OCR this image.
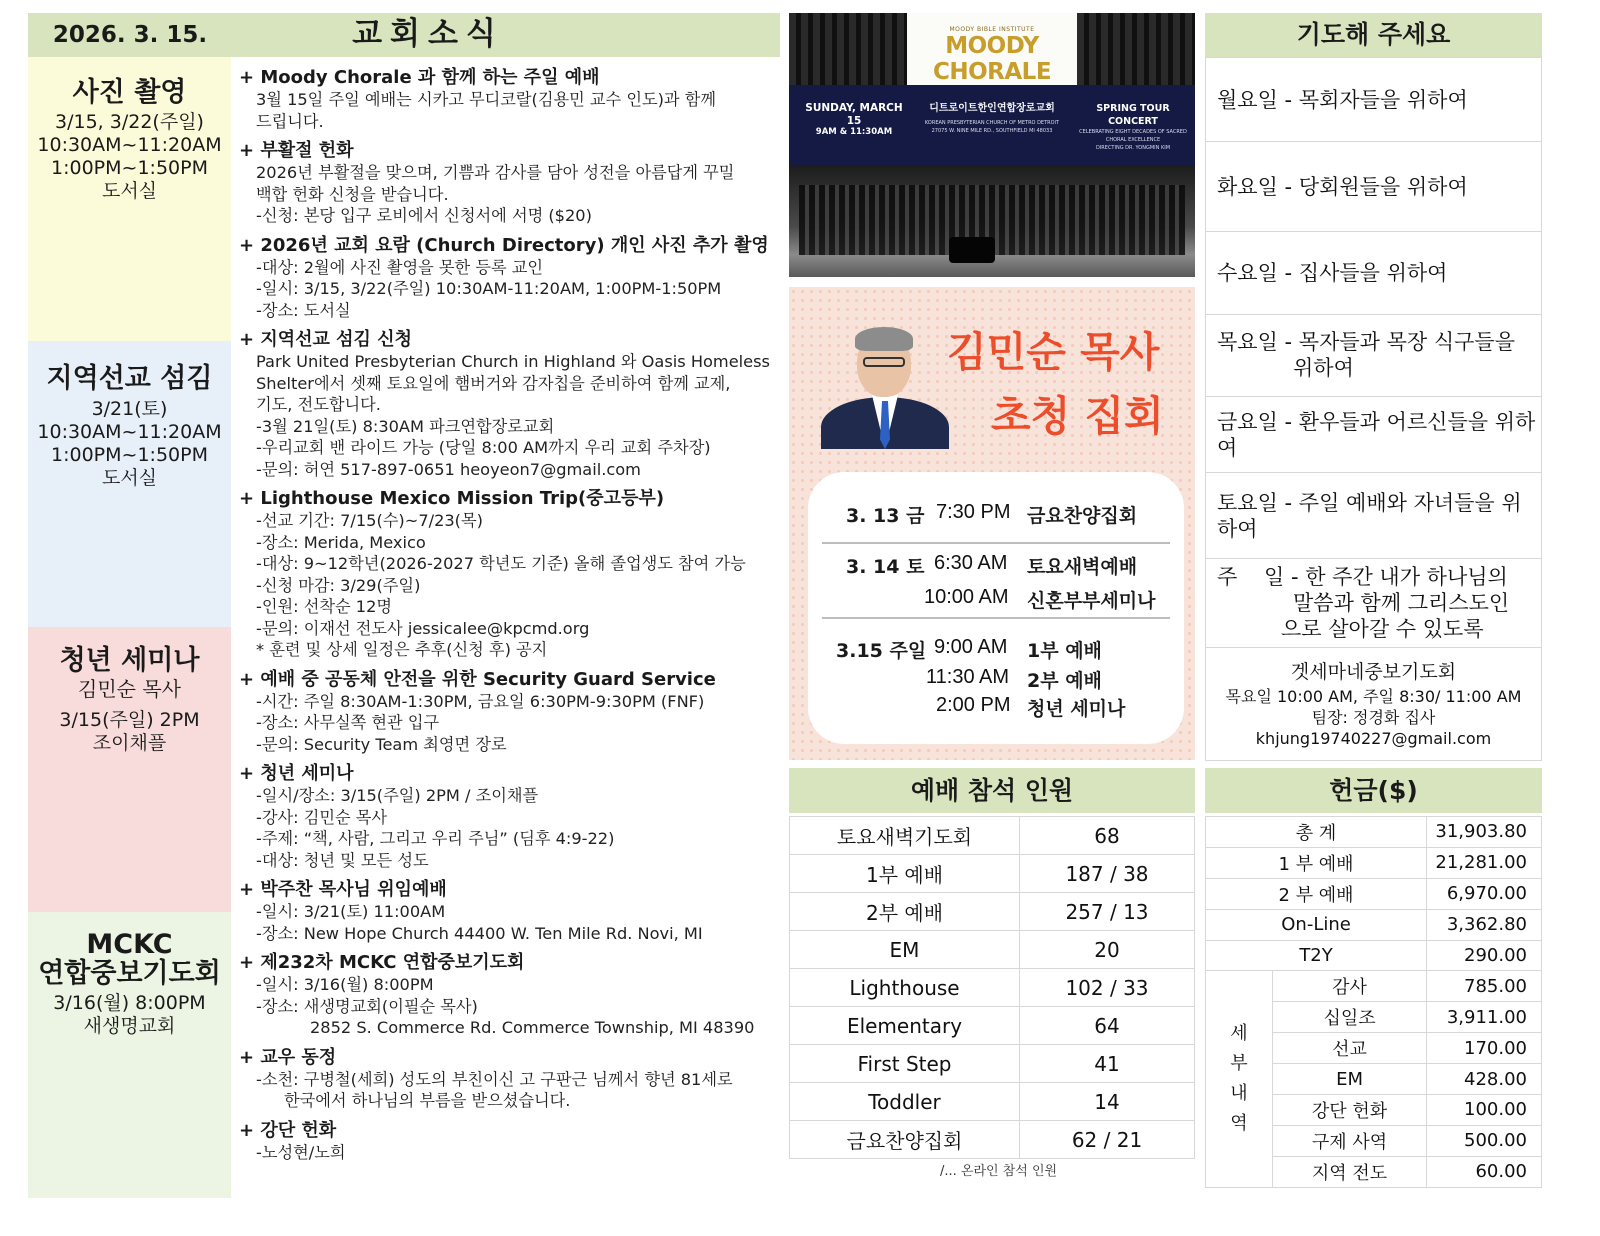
2026. 3. 15.	교회소식
사진 촬영
3/15, 3/22(주일)
10:30AM~11:20AM
1:00PM~1:50PM
도서실
지역선교 섬김
3/21(토)
10:30AM~11:20AM
1:00PM~1:50PM
도서실
청년 세미나
김민순 목사
3/15(주일) 2PM
조이채플
MCKC
연합중보기도회
3/16(월) 8:00PM
새생명교회
+ Moody Chorale 과 함께 하는 주일 예배
3월 15일 주일 예배는 시카고 무디코랄(김용민 교수 인도)과 함께
드립니다.
+ 부활절 헌화
2026년 부활절을 맞으며, 기쁨과 감사를 담아 성전을 아름답게 꾸밀
백합 헌화 신청을 받습니다.
-신청: 본당 입구 로비에서 신청서에 서명 ($20)
+ 2026년 교회 요람 (Church Directory) 개인 사진 추가 촬영
-대상: 2월에 사진 촬영을 못한 등록 교인
-일시: 3/15, 3/22(주일) 10:30AM-11:20AM, 1:00PM-1:50PM
-장소: 도서실
+ 지역선교 섬김 신청
Park United Presbyterian Church in Highland 와 Oasis Homeless
Shelter에서 셋째 토요일에 햄버거와 감자칩을 준비하여 함께 교제,
기도, 전도합니다.
-3월 21일(토) 8:30AM 파크연합장로교회
-우리교회 밴 라이드 가능 (당일 8:00 AM까지 우리 교회 주차장)
-문의: 허연 517-897-0651 heoyeon7@gmail.com
+ Lighthouse Mexico Mission Trip(중고등부)
-선교 기간: 7/15(수)~7/23(목)
-장소: Merida, Mexico
-대상: 9~12학년(2026-2027 학년도 기준) 올해 졸업생도 참여 가능
-신청 마감: 3/29(주일)
-인원: 선착순 12명
-문의: 이재선 전도사 jessicalee@kpcmd.org
* 훈련 및 상세 일정은 추후(신청 후) 공지
+ 예배 중 공동체 안전을 위한 Security Guard Service
-시간: 주일 8:30AM-1:30PM, 금요일 6:30PM-9:30PM (FNF)
-장소: 사무실쪽 현관 입구
-문의: Security Team 최영면 장로
+ 청년 세미나
-일시/장소: 3/15(주일) 2PM / 조이채플
-강사: 김민순 목사
-주제: “책, 사람, 그리고 우리 주님” (딤후 4:9-22)
-대상: 청년 및 모든 성도
+ 박주찬 목사님 위임예배
-일시: 3/21(토) 11:00AM
-장소: New Hope Church 44400 W. Ten Mile Rd. Novi, MI
+ 제232차 MCKC 연합중보기도회
-일시: 3/16(월) 8:00PM
-장소: 새생명교회(이필순 목사)
2852 S. Commerce Rd. Commerce Township, MI 48390
+ 교우 동정
-소천: 구병철(세희) 성도의 부친이신 고 구판근 님께서 향년 81세로
한국에서 하나님의 부름을 받으셨습니다.
+ 강단 헌화
-노성현/노희
MOODY BIBLE INSTITUTE
MOODY CHORALE
SUNDAY, MARCH 15
9AM & 11:30AM
디트로이트한인연합장로교회
KOREAN PRESBYTERIAN CHURCH OF METRO DETROIT
27075 W. NINE MILE RD., SOUTHFIELD MI 48033
SPRING TOUR CONCERT
CELEBRATING EIGHT DECADES OF SACRED CHORAL EXCELLENCE
DIRECTING DR. YONGMIN KIM
김민순 목사
초청 집회
3. 13 금 7:30 PM 금요찬양집회
3. 14 토 6:30 AM 토요새벽예배
10:00 AM 신혼부부세미나
3.15 주일 9:00 AM 1부 예배
11:30 AM 2부 예배
2:00 PM 청년 세미나
예배 참석 인원
토요새벽기도회	68
1부 예배	187 / 38
2부 예배	257 / 13
EM	20
Lighthouse	102 / 33
Elementary	64
First Step	41
Toddler	14
금요찬양집회	62 / 21
/... 온라인 참석 인원
기도해 주세요
월요일 - 목회자들을 위하여
화요일 - 당회원들을 위하여
수요일 - 집사들을 위하여
목요일 - 목자들과 목장 식구들을
위하여
금요일 - 환우들과 어르신들을 위하여
토요일 - 주일 예배와 자녀들을 위하여
주    일 - 한 주간 내가 하나님의
말씀과 함께 그리스도인
으로 살아갈 수 있도록
겟세마네중보기도회
목요일 10:00 AM, 주일 8:30/ 11:00 AM
팀장: 정경화 집사
khjung19740227@gmail.com
헌금($)
총 계		31,903.80
1 부 예배		21,281.00
2 부 예배		6,970.00
On-Line		3,362.80
T2Y		290.00

세
부
내
역	감사	785.00
	십일조	3,911.00
	선교	170.00
	EM	428.00
	강단 헌화	100.00
	구제 사역	500.00
	지역 전도	60.00
